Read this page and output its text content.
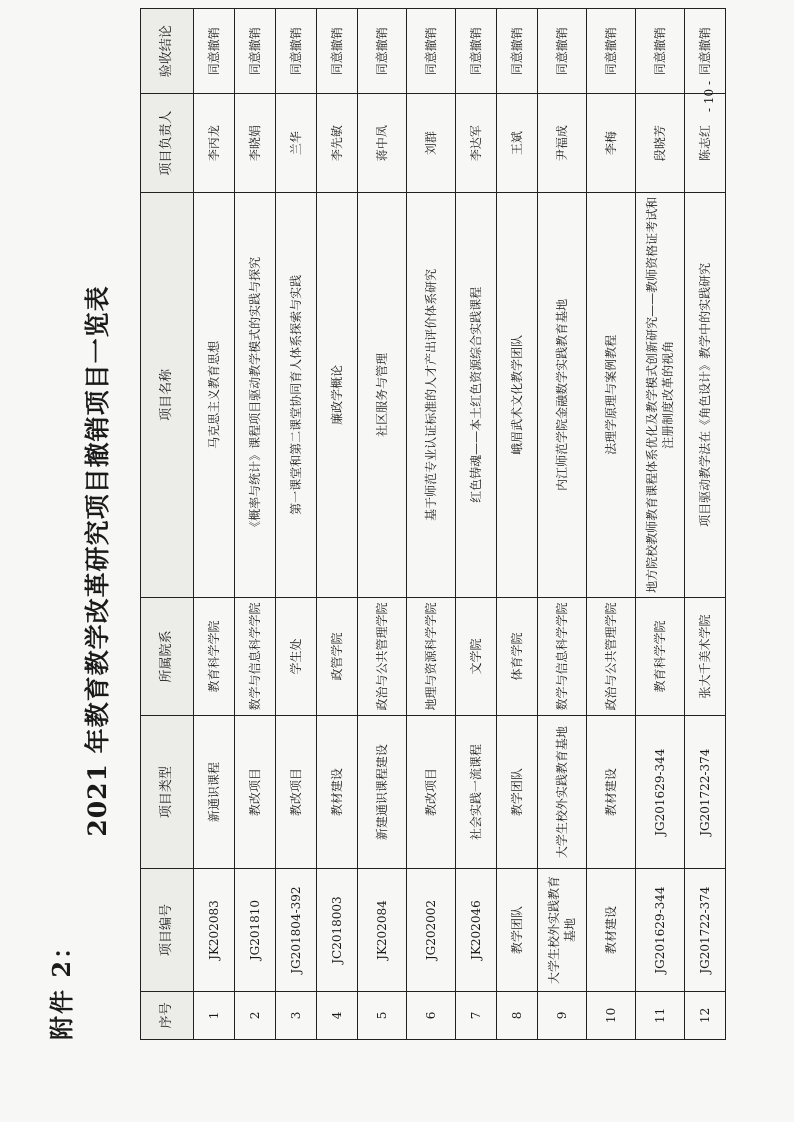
附件 2：
2021 年教育教学改革研究项目撤销项目一览表
序号	项目编号	项目类型	所属院系	项目名称	项目负责人	验收结论
1	JK202083	新通识课程	教育科学学院	马克思主义教育思想	李丙龙	同意撤销
2	JG201810	教改项目	数学与信息科学学院	《概率与统计》课程项目驱动教学模式的实践与探究	李晓娟	同意撤销
3	JG201804-392	教改项目	学生处	第一课堂和第二课堂协同育人体系探索与实践	兰华	同意撤销
4	JC2018003	教材建设	政管学院	廉政学概论	李先敏	同意撤销
5	JK202084	新建通识课程建设	政治与公共管理学院	社区服务与管理	蒋中凤	同意撤销
6	JG202002	教改项目	地理与资源科学学院	基于师范专业认证标准的人才产出评价体系研究	刘群	同意撤销
7	JK202046	社会实践一流课程	文学院	红色铸魂——本土红色资源综合实践课程	李达军	同意撤销
8	教学团队	教学团队	体育学院	峨眉武术文化教学团队	王斌	同意撤销
9	大学生校外实践教育基地	大学生校外实践教育基地	数学与信息科学学院	内江师范学院金融数学实践教育基地	尹福成	同意撤销
10	教材建设	教材建设	政治与公共管理学院	法理学原理与案例教程	李梅	同意撤销
11	JG201629-344	JG201629-344	教育科学学院	地方院校教师教育课程体系优化及教学模式创新研究——教师资格证考试和注册制度改革的视角	段晓芳	同意撤销
12	JG201722-374	JG201722-374	张大千美术学院	项目驱动教学法在《角色设计》教学中的实践研究	陈志红	同意撤销
- 10 -
